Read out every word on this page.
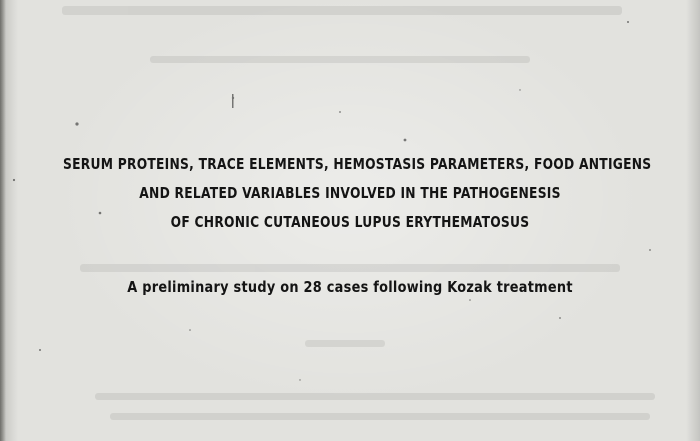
SERUM PROTEINS, TRACE ELEMENTS, HEMOSTASIS PARAMETERS, FOOD ANTIGENS
AND RELATED VARIABLES INVOLVED IN THE PATHOGENESIS
OF CHRONIC CUTANEOUS LUPUS ERYTHEMATOSUS
A preliminary study on 28 cases following Kozak treatment
